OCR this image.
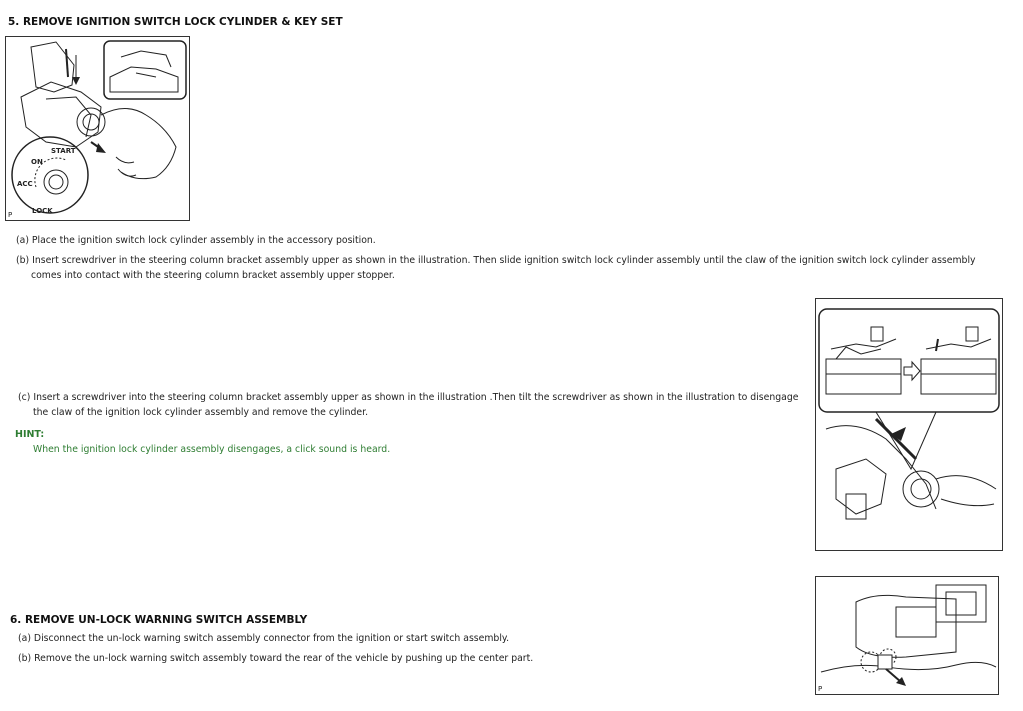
5. REMOVE IGNITION SWITCH LOCK CYLINDER & KEY SET
START
ON
ACC
LOCK
P
(a) Place the ignition switch lock cylinder assembly in the accessory position.
(b) Insert screwdriver in the steering column bracket assembly upper as shown in the illustration. Then slide ignition switch lock cylinder assembly until the claw of the ignition switch lock cylinder assembly comes into contact with the steering column bracket assembly upper stopper.
(c) Insert a screwdriver into the steering column bracket assembly upper as shown in the illustration .Then tilt the screwdriver as shown in the illustration to disengage the claw of the ignition lock cylinder assembly and remove the cylinder.
HINT:
When the ignition lock cylinder assembly disengages, a click sound is heard.
6. REMOVE UN-LOCK WARNING SWITCH ASSEMBLY
(a) Disconnect the un-lock warning switch assembly connector from the ignition or start switch assembly.
(b) Remove the un-lock warning switch assembly toward the rear of the vehicle by pushing up the center part.
P
